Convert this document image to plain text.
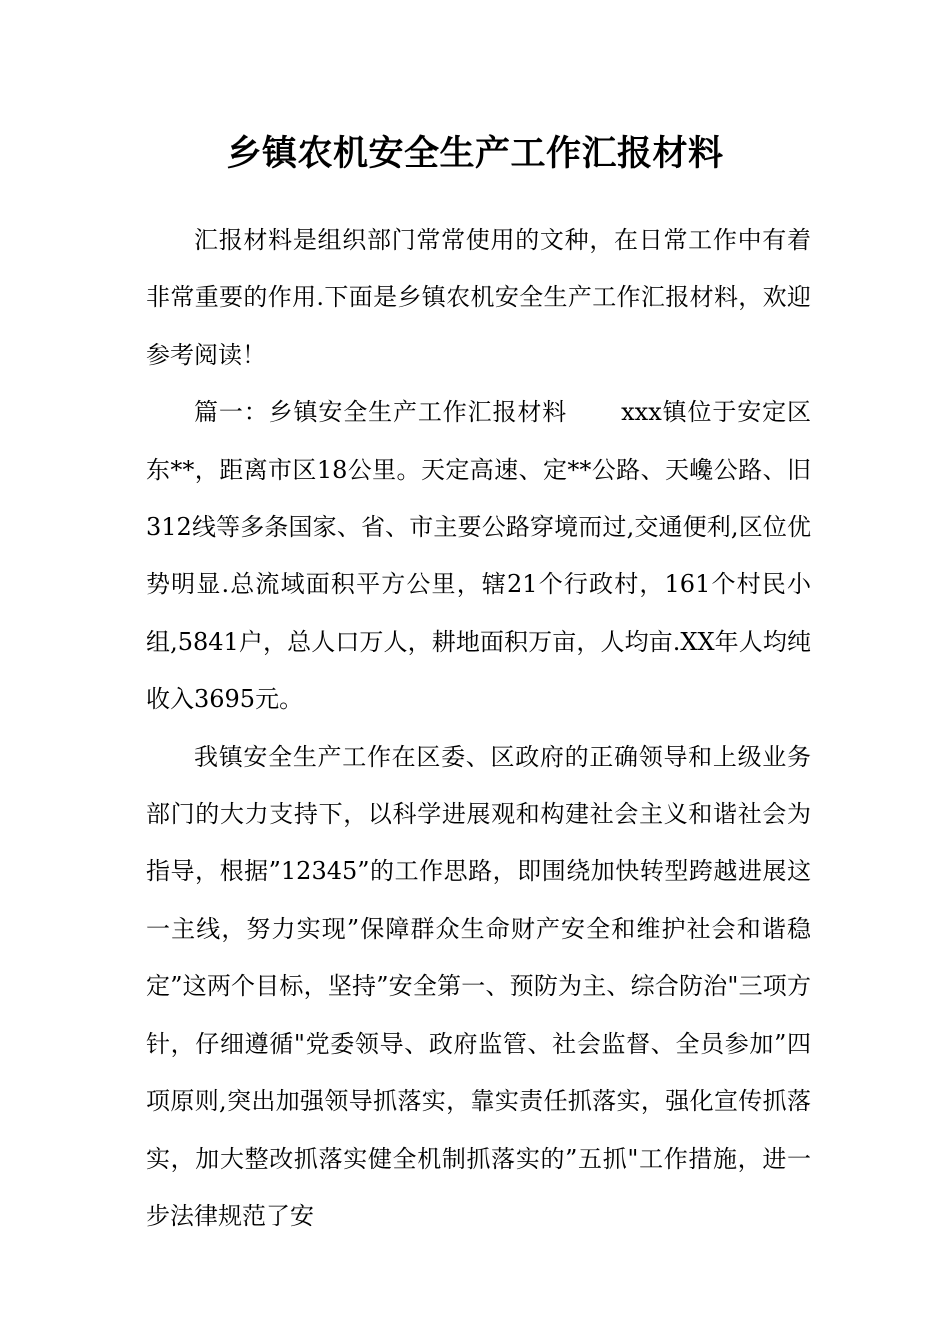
乡镇农机安全生产工作汇报材料

汇报材料是组织部门常常使用的文种，在日常工作中有着非常重要的作用.下面是乡镇农机安全生产工作汇报材料，欢迎参考阅读！

篇一：乡镇安全生产工作汇报材料 xxx镇位于安定区东**，距离市区18公里。天定高速、定**公路、天巉公路、旧312线等多条国家、省、市主要公路穿境而过,交通便利,区位优势明显.总流域面积平方公里，辖21个行政村，161个村民小组,5841户，总人口万人，耕地面积万亩，人均亩.XX年人均纯收入3695元。

我镇安全生产工作在区委、区政府的正确领导和上级业务部门的大力支持下，以科学进展观和构建社会主义和谐社会为指导，根据”12345”的工作思路，即围绕加快转型跨越进展这一主线，努力实现”保障群众生命财产安全和维护社会和谐稳定”这两个目标，坚持”安全第一、预防为主、综合防治"三项方针，仔细遵循"党委领导、政府监管、社会监督、全员参加”四项原则,突出加强领导抓落实，靠实责任抓落实，强化宣传抓落实，加大整改抓落实健全机制抓落实的”五抓"工作措施，进一步法律规范了安
